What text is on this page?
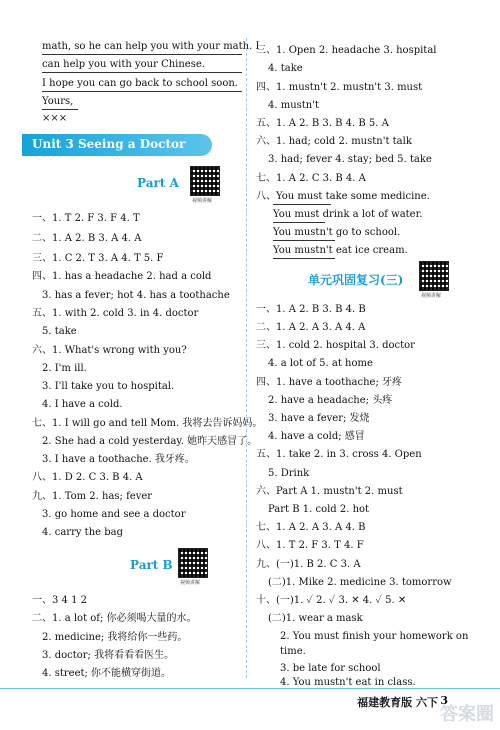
math, so he can help you with your math. I
can help you with your Chinese.
I hope you can go back to school soon.
Yours,
×××
Unit 3 Seeing a Doctor
Part A
视频讲解
一、1. T 2. F 3. F 4. T
二、1. A 2. B 3. A 4. A
三、1. C 2. T 3. A 4. T 5. F
四、1. has a headache 2. had a cold
3. has a fever; hot 4. has a toothache
五、1. with 2. cold 3. in 4. doctor
5. take
六、1. What's wrong with you?
2. I'm ill.
3. I'll take you to hospital.
4. I have a cold.
七、1. I will go and tell Mom. 我将去告诉妈妈。
2. She had a cold yesterday. 她昨天感冒了。
3. I have a toothache. 我牙疼。
八、1. D 2. C 3. B 4. A
九、1. Tom 2. has; fever
3. go home and see a doctor
4. carry the bag
Part B
视频讲解
一、3 4 1 2
二、1. a lot of; 你必须喝大量的水。
2. medicine; 我将给你一些药。
3. doctor; 我将看看看医生。
4. street; 你不能横穿街道。
三、1. Open 2. headache 3. hospital
4. take
四、1. mustn't 2. mustn't 3. must
4. mustn't
五、1. A 2. B 3. B 4. B 5. A
六、1. had; cold 2. mustn't talk
3. had; fever 4. stay; bed 5. take
七、1. A 2. C 3. B 4. A
八、You must take some medicine.
You must drink a lot of water.
You mustn't go to school.
You mustn't eat ice cream.
单元巩固复习(三)
视频讲解
一、1. A 2. B 3. B 4. B
二、1. A 2. A 3. A 4. A
三、1. cold 2. hospital 3. doctor
4. a lot of 5. at home
四、1. have a toothache; 牙疼
2. have a headache; 头疼
3. have a fever; 发烧
4. have a cold; 感冒
五、1. take 2. in 3. cross 4. Open
5. Drink
六、Part A 1. mustn't 2. must
Part B 1. cold 2. hot
七、1. A 2. A 3. A 4. B
八、1. T 2. F 3. T 4. F
九、(一)1. B 2. C 3. A
(二)1. Mike 2. medicine 3. tomorrow
十、(一)1. ✓ 2. ✓ 3. ✕ 4. ✓ 5. ✕
(二)1. wear a mask
2. You must finish your homework on
time.
3. be late for school
4. You mustn't eat in class.
福建教育版 六下 3
答案圈
